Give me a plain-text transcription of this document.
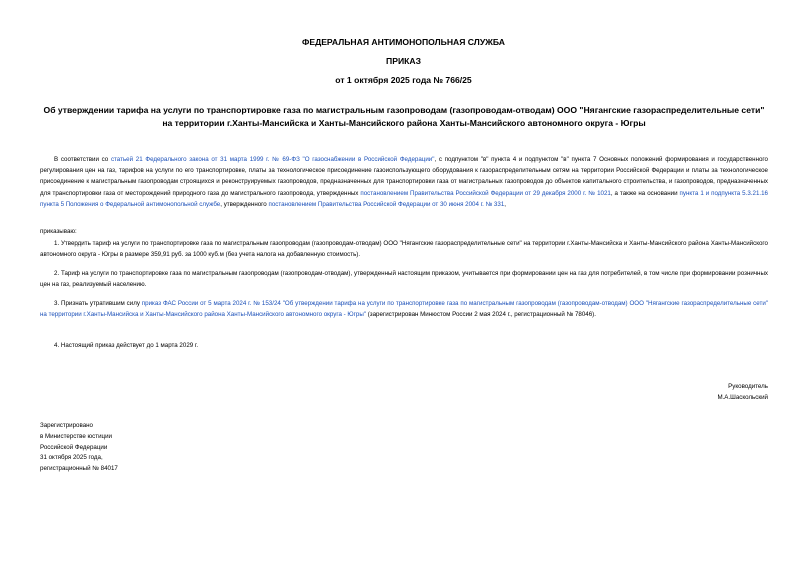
ФЕДЕРАЛЬНАЯ АНТИМОНОПОЛЬНАЯ СЛУЖБА
ПРИКАЗ
от 1 октября 2025 года № 766/25
Об утверждении тарифа на услуги по транспортировке газа по магистральным газопроводам (газопроводам-отводам) ООО "Нягангские газораспределительные сети" на территории г.Ханты-Мансийска и Ханты-Мансийского района Ханты-Мансийского автономного округа - Югры
В соответствии со статьей 21 Федерального закона от 31 марта 1999 г. № 69-ФЗ "О газоснабжении в Российской Федерации", с подпунктом "в" пункта 4 и подпунктом "в" пункта 7 Основных положений формирования и государственного регулирования цен на газ, тарифов на услуги по его транспортировке, платы за технологическое присоединение газоиспользующего оборудования к газораспределительным сетям на территории Российской Федерации и платы за технологическое присоединение к магистральным газопроводам строящихся и реконструируемых газопроводов, предназначенных для транспортировки газа от магистральных газопроводов до объектов капитального строительства, и газопроводов, предназначенных для транспортировки газа от месторождений природного газа до магистрального газопровода, утвержденных постановлением Правительства Российской Федерации от 29 декабря 2000 г. № 1021, а также на основании пункта 1 и подпункта 5.3.21.16 пункта 5 Положения о Федеральной антимонопольной службе, утвержденного постановлением Правительства Российской Федерации от 30 июня 2004 г. № 331,
приказываю:
1. Утвердить тариф на услуги по транспортировке газа по магистральным газопроводам (газопроводам-отводам) ООО "Нягангские газораспределительные сети" на территории г.Ханты-Мансийска и Ханты-Мансийского района Ханты-Мансийского автономного округа - Югры в размере 359,91 руб. за 1000 куб.м (без учета налога на добавленную стоимость).
2. Тариф на услуги по транспортировке газа по магистральным газопроводам (газопроводам-отводам), утвержденный настоящим приказом, учитывается при формировании цен на газ для потребителей, в том числе при формировании розничных цен на газ, реализуемый населению.
3. Признать утратившим силу приказ ФАС России от 5 марта 2024 г. № 153/24 "Об утверждении тарифа на услуги по транспортировке газа по магистральным газопроводам (газопроводам-отводам) ООО "Нягангские газораспределительные сети" на территории г.Ханты-Мансийска и Ханты-Мансийского района Ханты-Мансийского автономного округа - Югры" (зарегистрирован Минюстом России 2 мая 2024 г., регистрационный № 78046).
4. Настоящий приказ действует до 1 марта 2029 г.
Руководитель
М.А.Шаскольский
Зарегистрировано
в Министерстве юстиции
Российской Федерации
31 октября 2025 года,
регистрационный № 84017
